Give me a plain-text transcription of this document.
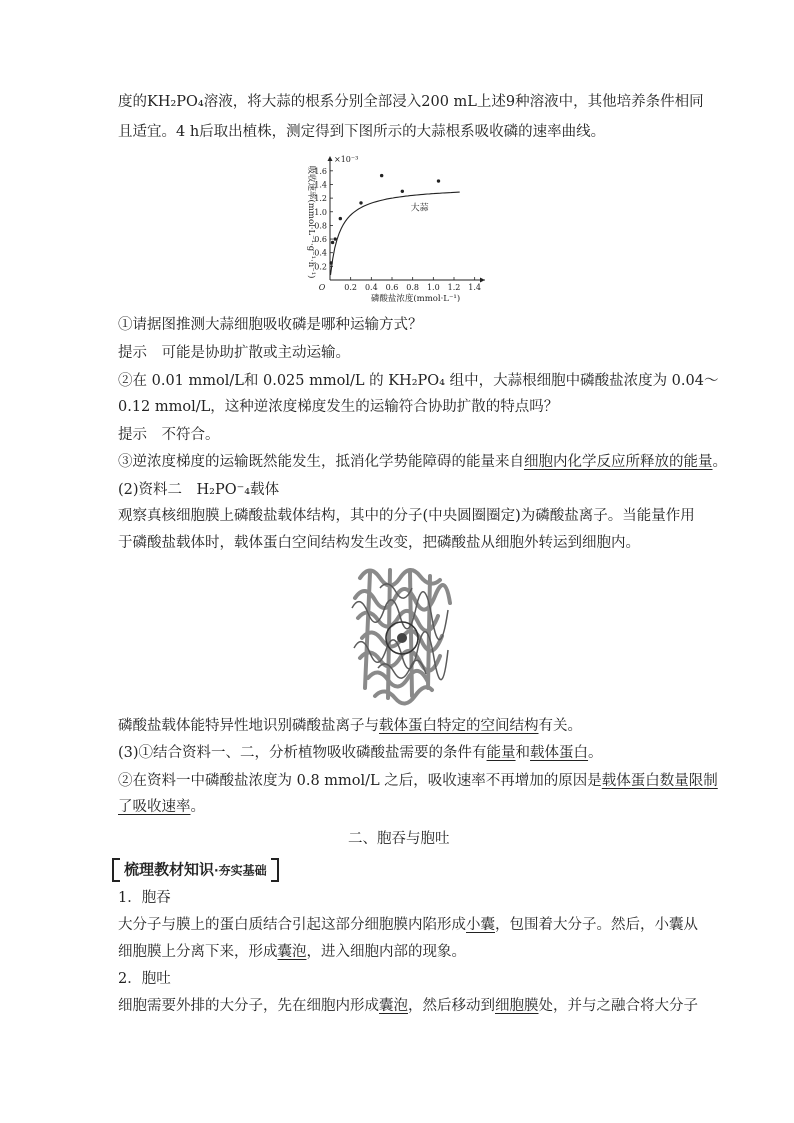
度的KH₂PO₄溶液，将大蒜的根系分别全部浸入200 mL上述9种溶液中，其他培养条件相同
且适宜。4 h后取出植株，测定得到下图所示的大蒜根系吸收磷的速率曲线。
0.2 0.4 0.6 0.8 1.0 1.2 1.4
0.2
0.4
0.6
0.8
1.0
1.2
1.4
1.6
O
×10⁻³
磷酸盐浓度(mmol·L⁻¹)
吸收速率(mmol·L⁻¹·g⁻¹·h⁻¹)	大蒜
①请据图推测大蒜细胞吸收磷是哪种运输方式？
提示　可能是协助扩散或主动运输。
②在 0.01 mmol/L和 0.025 mmol/L 的 KH₂PO₄ 组中，大蒜根细胞中磷酸盐浓度为 0.04～
0.12 mmol/L，这种逆浓度梯度发生的运输符合协助扩散的特点吗？
提示　不符合。
③逆浓度梯度的运输既然能发生，抵消化学势能障碍的能量来自细胞内化学反应所释放的能量。
(2)资料二　H₂PO⁻₄载体
观察真核细胞膜上磷酸盐载体结构，其中的分子(中央圆圈圈定)为磷酸盐离子。当能量作用
于磷酸盐载体时，载体蛋白空间结构发生改变，把磷酸盐从细胞外转运到细胞内。
磷酸盐载体能特异性地识别磷酸盐离子与载体蛋白特定的空间结构有关。
(3)①结合资料一、二，分析植物吸收磷酸盐需要的条件有能量和载体蛋白。
②在资料一中磷酸盐浓度为 0.8 mmol/L 之后，吸收速率不再增加的原因是载体蛋白数量限制
了吸收速率。
二、胞吞与胞吐
梳理教材知识·夯实基础
1．胞吞
大分子与膜上的蛋白质结合引起这部分细胞膜内陷形成小囊，包围着大分子。然后，小囊从
细胞膜上分离下来，形成囊泡，进入细胞内部的现象。
2．胞吐
细胞需要外排的大分子，先在细胞内形成囊泡，然后移动到细胞膜处，并与之融合将大分子
